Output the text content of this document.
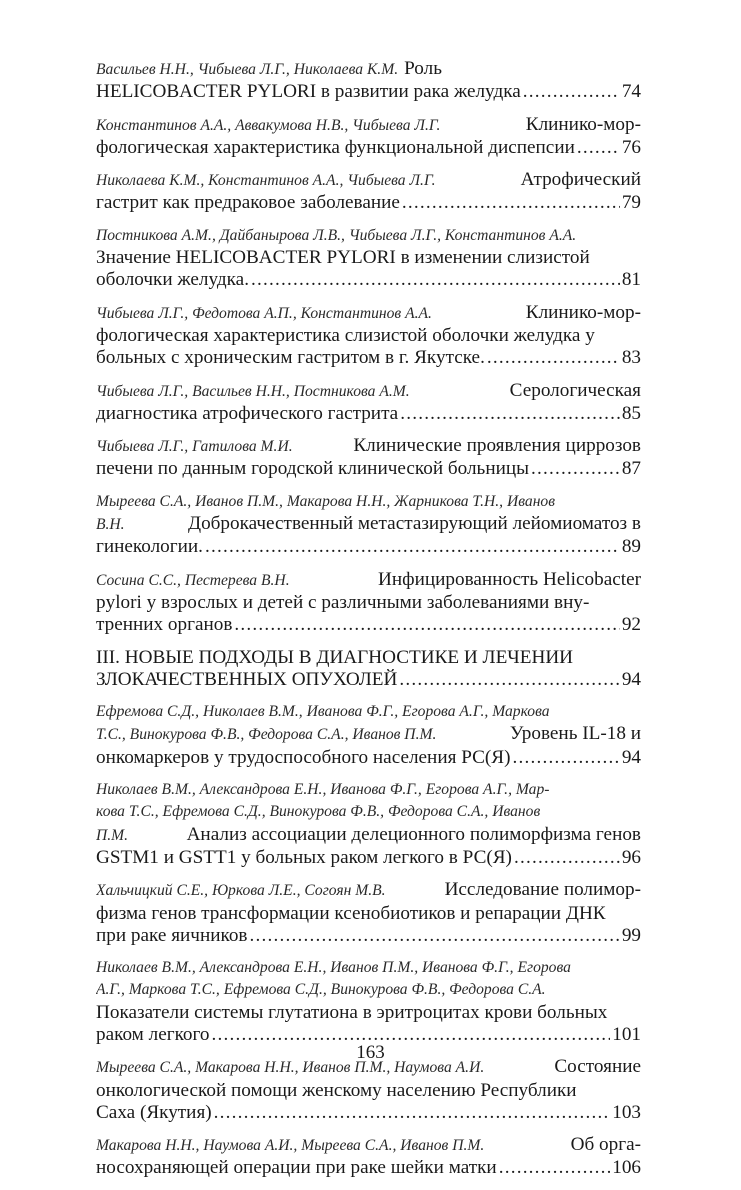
Васильев Н.Н., Чибыева Л.Г., Николаева К.М. Роль
HELICOBACTER PYLORI в развитии рака желудка .....	74
Константинов А.А., Аввакумова Н.В., Чибыева Л.Г.	Клинико-мор-
фологическая характеристика функциональной диспепсии ..... 76
Николаева К.М., Константинов А.А., Чибыева Л.Г.	Атрофический
гастрит как предраковое заболевание .....	79
Постникова А.М., Дайбанырова Л.В., Чибыева Л.Г., Константинов А.А.
Значение HELICOBACTER PYLORI в изменении слизистой
оболочки желудка. .....	81
Чибыева Л.Г., Федотова А.П., Константинов А.А.	Клинико-мор-
фологическая характеристика слизистой оболочки желудка у
больных с хроническим гастритом в г. Якутске. .....	83
Чибыева Л.Г., Васильев Н.Н., Постникова А.М.	Серологическая
диагностика атрофического гастрита .....	85
Чибыева Л.Г., Гатилова М.И.	Клинические проявления циррозов
печени по данным городской клинической больницы .....	87
Мыреева С.А., Иванов П.М., Макарова Н.Н., Жарникова Т.Н., Иванов
В.Н.	Доброкачественный метастазирующий лейомиоматоз в
гинекологии. .....	89
Сосина С.С., Пестерева В.Н.	Инфицированность Helicobacter
pylori у взрослых и детей с различными заболеваниями вну-
тренних органов .....	92
III. НОВЫЕ ПОДХОДЫ В ДИАГНОСТИКЕ И ЛЕЧЕНИИ
ЗЛОКАЧЕСТВЕННЫХ ОПУХОЛЕЙ .....	94
Ефремова С.Д., Николаев В.М., Иванова Ф.Г., Егорова А.Г., Маркова
Т.С., Винокурова Ф.В., Федорова С.А., Иванов П.М.	Уровень IL-18 и
онкомаркеров у трудоспособного населения РС(Я) .....	94
Николаев В.М., Александрова Е.Н., Иванова Ф.Г., Егорова А.Г., Мар-
кова Т.С., Ефремова С.Д., Винокурова Ф.В., Федорова С.А., Иванов
П.М.	Анализ ассоциации делеционного полиморфизма генов
GSTM1 и GSTT1 у больных раком легкого в РС(Я) .....	96
Хальчицкий С.Е., Юркова Л.Е., Согоян М.В.	Исследование полимор-
физма генов трансформации ксенобиотиков и репарации ДНК
при раке яичников .....	99
Николаев В.М., Александрова Е.Н., Иванов П.М., Иванова Ф.Г., Егорова
А.Г., Маркова Т.С., Ефремова С.Д., Винокурова Ф.В., Федорова С.А.
Показатели системы глутатиона в эритроцитах крови больных
раком легкого .....	101
Мыреева С.А., Макарова Н.Н., Иванов П.М., Наумова А.И.	Состояние
онкологической помощи женскому населению Республики
Саха (Якутия) .....	103
Макарова Н.Н., Наумова А.И., Мыреева С.А., Иванов П.М.	Об орга-
носохраняющей операции при раке шейки матки .....	106
163
